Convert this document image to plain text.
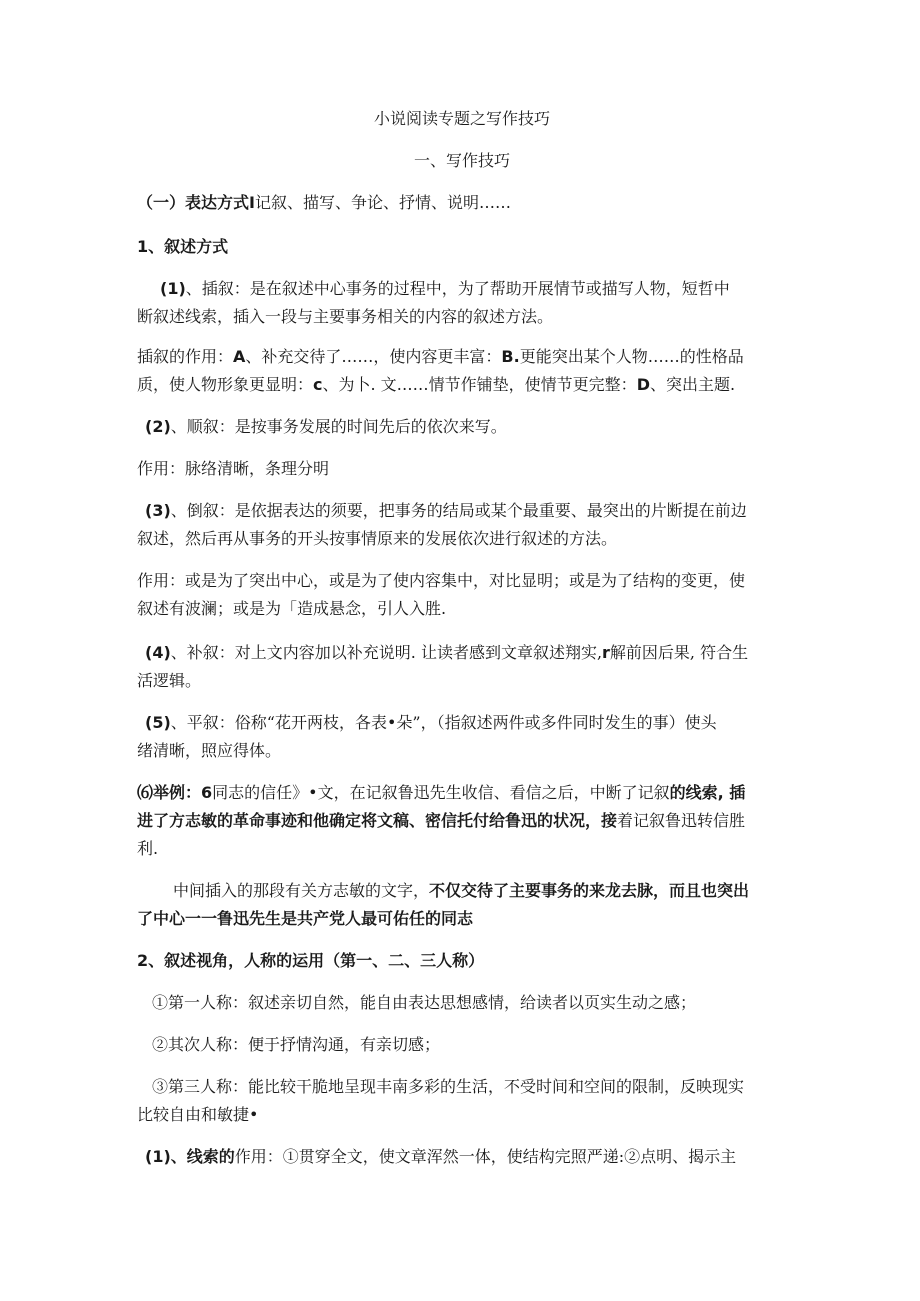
小说阅读专题之写作技巧
一、写作技巧
（一）表达方式I记叙、描写、争论、抒情、说明……
1、叙述方式
(1)、插叙：是在叙述中心事务的过程中，为了帮助开展情节或描写人物，短哲中
断叙述线索，插入一段与主要事务相关的内容的叙述方法。
插叙的作用：A、补充交待了……，使内容更丰富：B.更能突出某个人物……的性格品
质，使人物形象更显明：c、为卜. 文……情节作铺垫，使情节更完整：D、突出主题.
(2)、顺叙：是按事务发展的时间先后的依次来写。
作用：脉络清晰，条理分明
(3)、倒叙：是依据表达的须要，把事务的结局或某个最重要、最突出的片断提在前边
叙述，然后再从事务的开头按事情原来的发展依次进行叙述的方法。
作用：或是为了突出中心，或是为了使内容集中，对比显明；或是为了结构的变更，使
叙述有波澜；或是为「造成悬念，引人入胜.
(4)、补叙：对上文内容加以补充说明. 让读者感到文章叙述翔实,r解前因后果, 符合生
活逻辑。
(5)、平叙：俗称“花开两枝，各表•朵”，（指叙述两件或多件同时发生的事）使头
绪清晰，照应得体。
⑹举例：6同志的信任》•文，在记叙鲁迅先生收信、看信之后，中断了记叙的线索, 插
进了方志敏的革命事迹和他确定将文稿、密信托付给鲁迅的状况，接着记叙鲁迅转信胜
利.
中间插入的那段有关方志敏的文字，不仅交待了主要事务的来龙去脉，而且也突出
了中心一一鲁迅先生是共产党人最可佑任的同志
2、叙述视角，人称的运用（第一、二、三人称）
①第一人称：叙述亲切自然，能自由表达思想感情，给读者以页实生动之感；
②其次人称：便于抒情沟通，有亲切感；
③第三人称：能比较干脆地呈现丰南多彩的生活，不受时间和空间的限制，反映现实
比较自由和敏捷•
(1)、线索的作用：①贯穿全文，使文章浑然一体，使结构完照严递:②点明、揭示主
